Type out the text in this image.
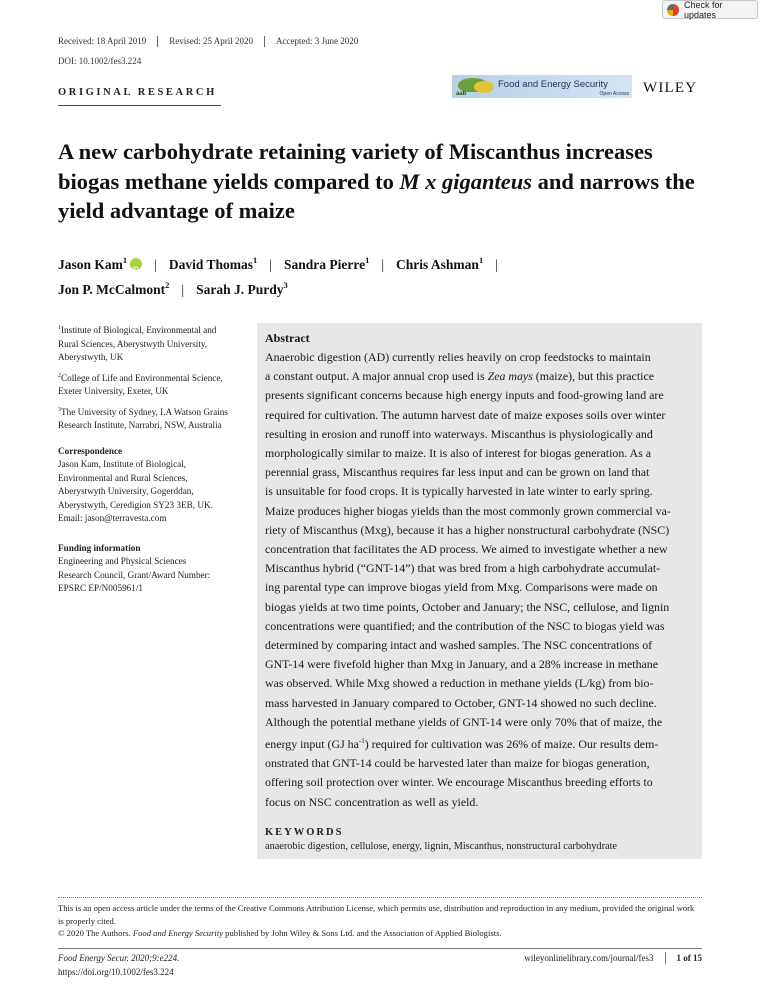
Check for updates
Received: 18 April 2019	Revised: 25 April 2020	Accepted: 3 June 2020
DOI: 10.1002/fes3.224
ORIGINAL RESEARCH	aab
Food and Energy Security
Open Access WILEY
A new carbohydrate retaining variety of Miscanthus increases biogas methane yields compared to M x giganteus and narrows the yield advantage of maize
Jason Kam$^1$iD | David Thomas$^1$ | Sandra Pierre$^1$ | Chris Ashman$^1$ |
Jon P. McCalmont$^2$ | Sarah J. Purdy$^3$
$^1$Institute of Biological, Environmental and Rural Sciences, Aberystwyth University, Aberystwyth, UK
$^2$College of Life and Environmental Science, Exeter University, Exeter, UK
$^3$The University of Sydney, I.A Watson Grains Research Institute, Narrabri, NSW, Australia
Correspondence
Jason Kam, Institute of Biological,
Environmental and Rural Sciences,
Aberystwyth University, Gogerddan,
Aberystwyth, Ceredigion SY23 3EB, UK.
Email: jason@terravesta.com
Funding information
Engineering and Physical Sciences
Research Council, Grant/Award Number:
EPSRC EP/N005961/1
Abstract
Anaerobic digestion (AD) currently relies heavily on crop feedstocks to maintain
a constant output. A major annual crop used is Zea mays (maize), but this practice
presents significant concerns because high energy inputs and food-growing land are
required for cultivation. The autumn harvest date of maize exposes soils over winter
resulting in erosion and runoff into waterways. Miscanthus is physiologically and
morphologically similar to maize. It is also of interest for biogas generation. As a
perennial grass, Miscanthus requires far less input and can be grown on land that
is unsuitable for food crops. It is typically harvested in late winter to early spring.
Maize produces higher biogas yields than the most commonly grown commercial va-
riety of Miscanthus (Mxg), because it has a higher nonstructural carbohydrate (NSC)
concentration that facilitates the AD process. We aimed to investigate whether a new
Miscanthus hybrid (“GNT-14”) that was bred from a high carbohydrate accumulat-
ing parental type can improve biogas yield from Mxg. Comparisons were made on
biogas yields at two time points, October and January; the NSC, cellulose, and lignin
concentrations were quantified; and the contribution of the NSC to biogas yield was
determined by comparing intact and washed samples. The NSC concentrations of
GNT-14 were fivefold higher than Mxg in January, and a 28% increase in methane
was observed. While Mxg showed a reduction in methane yields (L/kg) from bio-
mass harvested in January compared to October, GNT-14 showed no such decline.
Although the potential methane yields of GNT-14 were only 70% that of maize, the
energy input (GJ $ha^{-1}$) required for cultivation was 26% of maize. Our results dem-
onstrated that GNT-14 could be harvested later than maize for biogas generation,
offering soil protection over winter. We encourage Miscanthus breeding efforts to
focus on NSC concentration as well as yield.
KEYWORDS
anaerobic digestion, cellulose, energy, lignin, Miscanthus, nonstructural carbohydrate
This is an open access article under the terms of the Creative Commons Attribution License, which permits use, distribution and reproduction in any medium, provided the original work is properly cited.
© 2020 The Authors. Food and Energy Security published by John Wiley & Sons Ltd. and the Association of Applied Biologists.
Food Energy Secur. 2020;9:e224.
https://doi.org/10.1002/fes3.224
wileyonlinelibrary.com/journal/fes3	1 of 15
